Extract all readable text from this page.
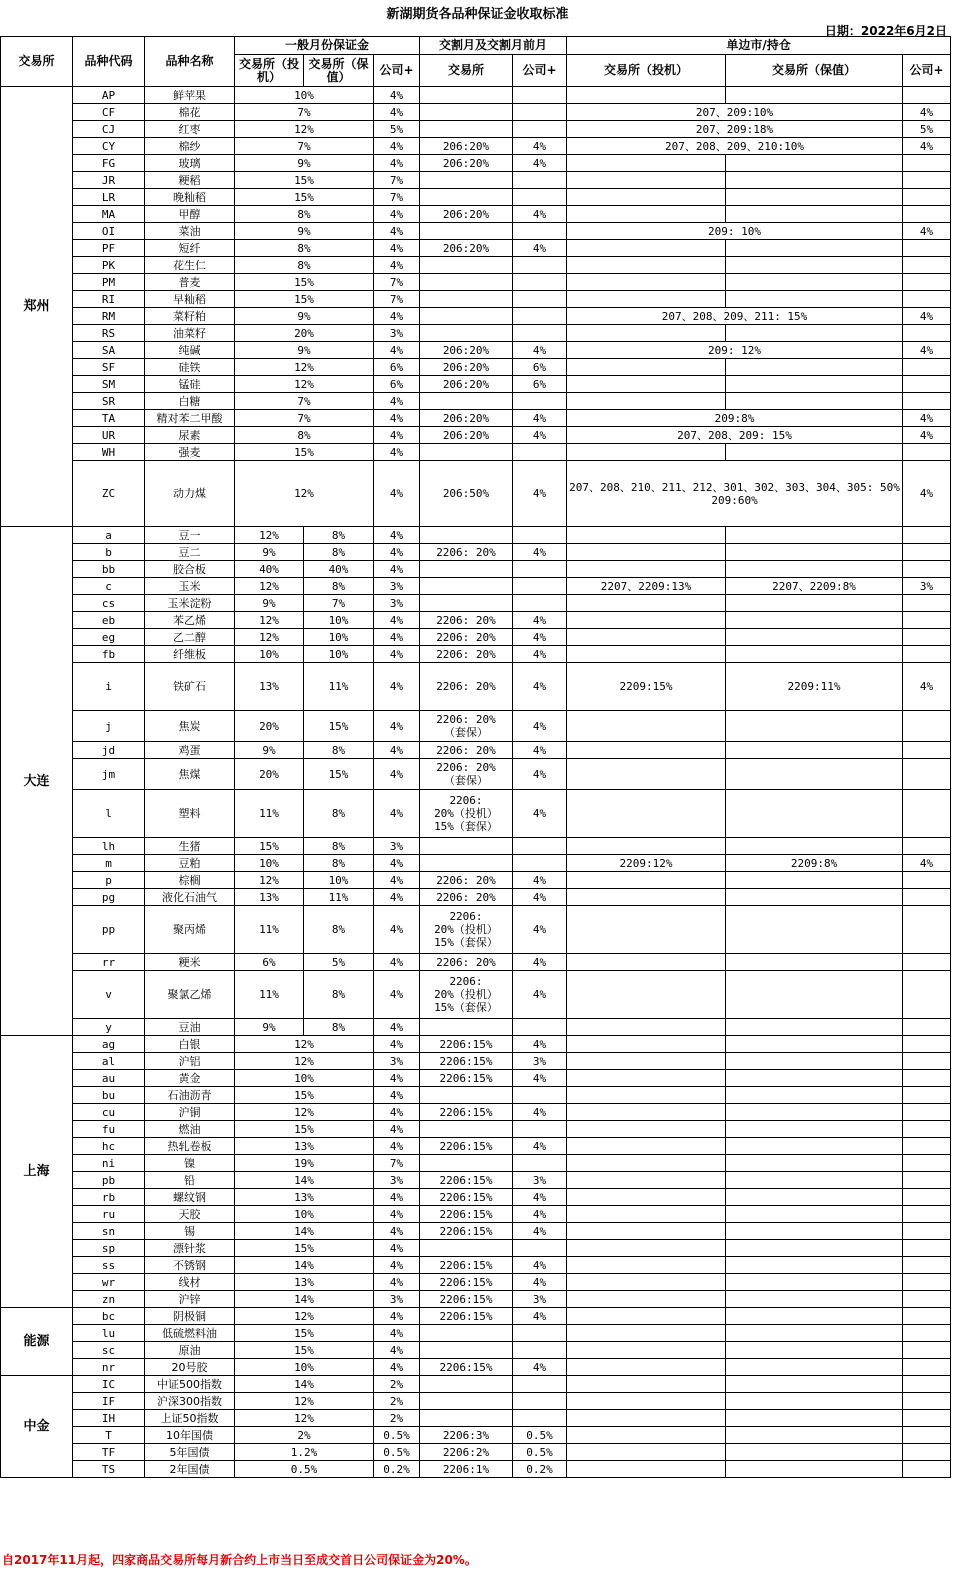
新湖期货各品种保证金收取标准
日期：2022年6月2日
交易所	品种代码	品种名称	一般月份保证金			交割月及交割月前月		单边市/持仓		
			交易所（投机）	交易所（保值）	公司+	交易所	公司+	交易所（投机）	交易所（保值）	公司+
郑州	AP	鲜苹果	10%		4%					
	CF	棉花	7%		4%			207、209:10%		4%
	CJ	红枣	12%		5%			207、209:18%		5%
	CY	棉纱	7%		4%	206:20%	4%	207、208、209、210:10%		4%
	FG	玻璃	9%		4%	206:20%	4%			
	JR	粳稻	15%		7%					
	LR	晚籼稻	15%		7%					
	MA	甲醇	8%		4%	206:20%	4%			
	OI	菜油	9%		4%			209: 10%		4%
	PF	短纤	8%		4%	206:20%	4%			
	PK	花生仁	8%		4%					
	PM	普麦	15%		7%					
	RI	早籼稻	15%		7%					
	RM	菜籽粕	9%		4%			207、208、209、211: 15%		4%
	RS	油菜籽	20%		3%					
	SA	纯碱	9%		4%	206:20%	4%	209: 12%		4%
	SF	硅铁	12%		6%	206:20%	6%			
	SM	锰硅	12%		6%	206:20%	6%			
	SR	白糖	7%		4%					
	TA	精对苯二甲酸	7%		4%	206:20%	4%	209:8%		4%
	UR	尿素	8%		4%	206:20%	4%	207、208、209: 15%		4%
	WH	强麦	15%		4%					
	ZC	动力煤	12%		4%	206:50%	4%	207、208、210、211、212、301、302、303、304、305: 50%
209:60%		4%
大连	a	豆一	12%	8%	4%					
	b	豆二	9%	8%	4%	2206: 20%	4%			
	bb	胶合板	40%	40%	4%					
	c	玉米	12%	8%	3%			2207、2209:13%	2207、2209:8%	3%
	cs	玉米淀粉	9%	7%	3%					
	eb	苯乙烯	12%	10%	4%	2206: 20%	4%			
	eg	乙二醇	12%	10%	4%	2206: 20%	4%			
	fb	纤维板	10%	10%	4%	2206: 20%	4%			
	i	铁矿石	13%	11%	4%	2206: 20%	4%	2209:15%	2209:11%	4%
	j	焦炭	20%	15%	4%	2206: 20%
（套保）	4%			
	jd	鸡蛋	9%	8%	4%	2206: 20%	4%			
	jm	焦煤	20%	15%	4%	2206: 20%
（套保）	4%			
	l	塑料	11%	8%	4%	2206:
20%（投机）
15%（套保）	4%			
	lh	生猪	15%	8%	3%					
	m	豆粕	10%	8%	4%			2209:12%	2209:8%	4%
	p	棕榈	12%	10%	4%	2206: 20%	4%			
	pg	液化石油气	13%	11%	4%	2206: 20%	4%			
	pp	聚丙烯	11%	8%	4%	2206:
20%（投机）
15%（套保）	4%			
	rr	粳米	6%	5%	4%	2206: 20%	4%			
	v	聚氯乙烯	11%	8%	4%	2206:
20%（投机）
15%（套保）	4%			
	y	豆油	9%	8%	4%					
上海	ag	白银	12%		4%	2206:15%	4%			
	al	沪铝	12%		3%	2206:15%	3%			
	au	黄金	10%		4%	2206:15%	4%			
	bu	石油沥青	15%		4%					
	cu	沪铜	12%		4%	2206:15%	4%			
	fu	燃油	15%		4%					
	hc	热轧卷板	13%		4%	2206:15%	4%			
	ni	镍	19%		7%					
	pb	铅	14%		3%	2206:15%	3%			
	rb	螺纹钢	13%		4%	2206:15%	4%			
	ru	天胶	10%		4%	2206:15%	4%			
	sn	锡	14%		4%	2206:15%	4%			
	sp	漂针浆	15%		4%					
	ss	不锈钢	14%		4%	2206:15%	4%			
	wr	线材	13%		4%	2206:15%	4%			
	zn	沪锌	14%		3%	2206:15%	3%			
能源	bc	阴极铜	12%		4%	2206:15%	4%			
	lu	低硫燃料油	15%		4%					
	sc	原油	15%		4%					
	nr	20号胶	10%		4%	2206:15%	4%			
中金	IC	中证500指数	14%		2%					
	IF	沪深300指数	12%		2%					
	IH	上证50指数	12%		2%					
	T	10年国债	2%		0.5%	2206:3%	0.5%			
	TF	5年国债	1.2%		0.5%	2206:2%	0.5%			
	TS	2年国债	0.5%		0.2%	2206:1%	0.2%			
自2017年11月起，四家商品交易所每月新合约上市当日至成交首日公司保证金为20%。
